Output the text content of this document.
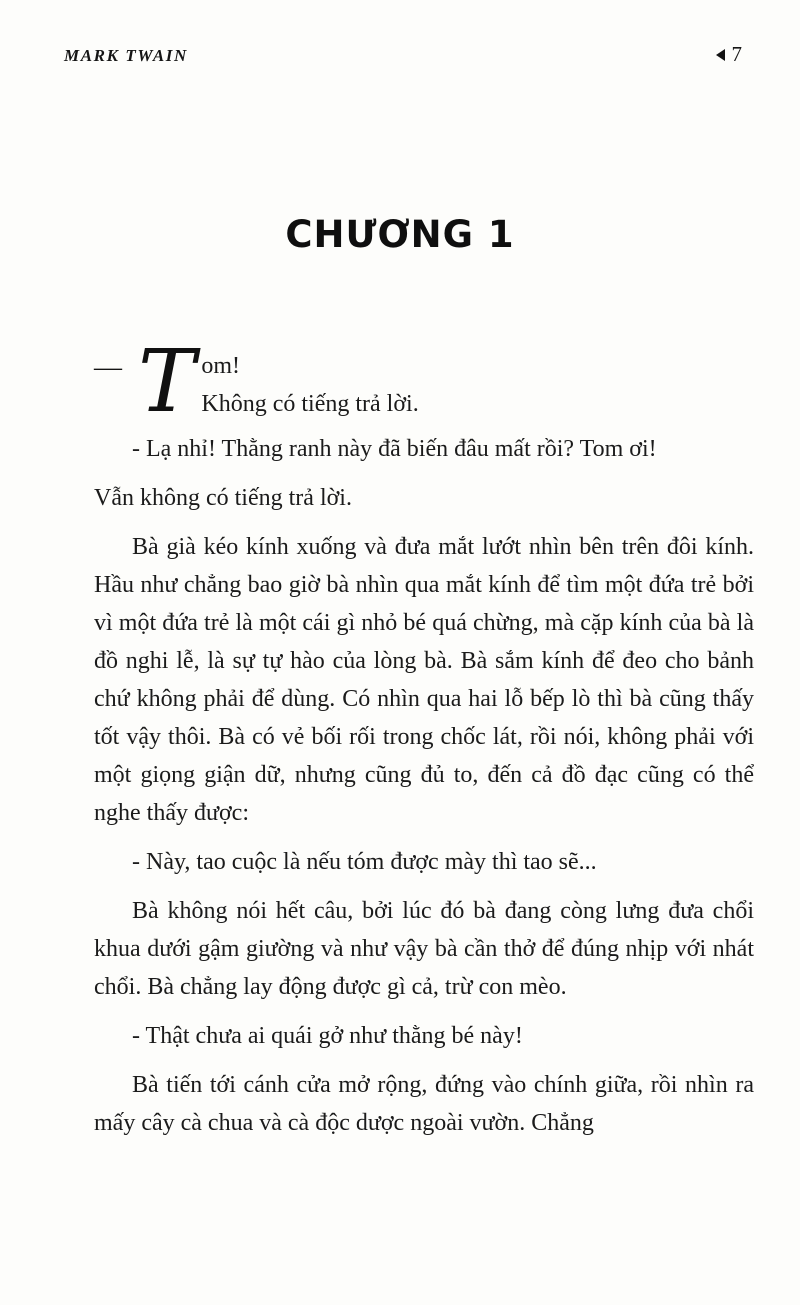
MARK TWAIN	7
CHƯƠNG 1
— T om!
Không có tiếng trả lời.

- Lạ nhỉ! Thằng ranh này đã biến đâu mất rồi? Tom ơi!

Vẫn không có tiếng trả lời.

Bà già kéo kính xuống và đưa mắt lướt nhìn bên trên đôi kính. Hầu như chẳng bao giờ bà nhìn qua mắt kính để tìm một đứa trẻ bởi vì một đứa trẻ là một cái gì nhỏ bé quá chừng, mà cặp kính của bà là đồ nghi lễ, là sự tự hào của lòng bà. Bà sắm kính để đeo cho bảnh chứ không phải để dùng. Có nhìn qua hai lỗ bếp lò thì bà cũng thấy tốt vậy thôi. Bà có vẻ bối rối trong chốc lát, rồi nói, không phải với một giọng giận dữ, nhưng cũng đủ to, đến cả đồ đạc cũng có thể nghe thấy được:

- Này, tao cuộc là nếu tóm được mày thì tao sẽ...

Bà không nói hết câu, bởi lúc đó bà đang còng lưng đưa chổi khua dưới gậm giường và như vậy bà cần thở để đúng nhịp với nhát chổi. Bà chẳng lay động được gì cả, trừ con mèo.

- Thật chưa ai quái gở như thằng bé này!

Bà tiến tới cánh cửa mở rộng, đứng vào chính giữa, rồi nhìn ra mấy cây cà chua và cà độc dược ngoài vườn. Chẳng
